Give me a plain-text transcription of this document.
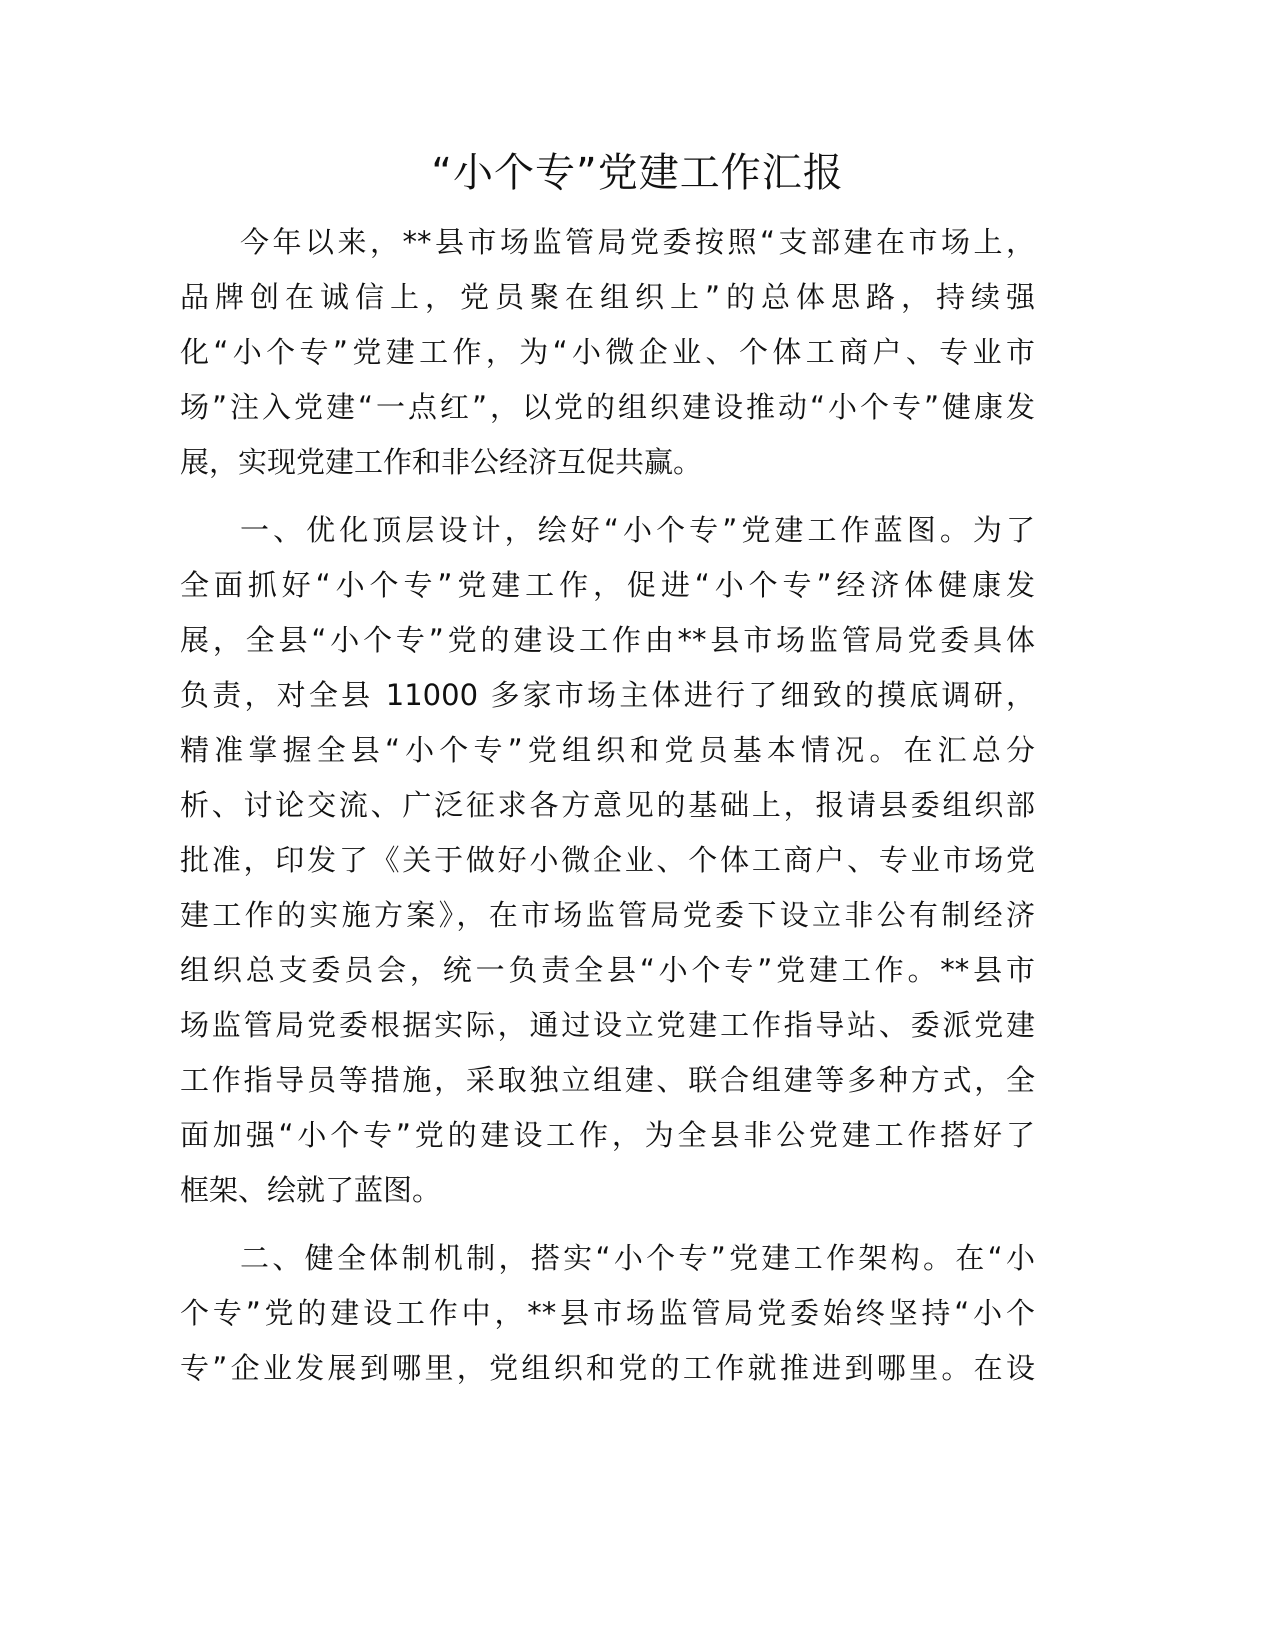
“小个专”党建工作汇报
今年以来，**县市场监管局党委按照“支部建在市场上，
品牌创在诚信上，党员聚在组织上”的总体思路，持续强
化“小个专”党建工作，为“小微企业、个体工商户、专业市
场”注入党建“一点红”，以党的组织建设推动“小个专”健康发
展，实现党建工作和非公经济互促共赢。
一、优化顶层设计，绘好“小个专”党建工作蓝图。为了
全面抓好“小个专”党建工作，促进“小个专”经济体健康发
展，全县“小个专”党的建设工作由**县市场监管局党委具体
负责，对全县 11000 多家市场主体进行了细致的摸底调研，
精准掌握全县“小个专”党组织和党员基本情况。在汇总分
析、讨论交流、广泛征求各方意见的基础上，报请县委组织部
批准，印发了《关于做好小微企业、个体工商户、专业市场党
建工作的实施方案》，在市场监管局党委下设立非公有制经济
组织总支委员会，统一负责全县“小个专”党建工作。**县市
场监管局党委根据实际，通过设立党建工作指导站、委派党建
工作指导员等措施，采取独立组建、联合组建等多种方式，全
面加强“小个专”党的建设工作，为全县非公党建工作搭好了
框架、绘就了蓝图。
二、健全体制机制，搭实“小个专”党建工作架构。在“小
个专”党的建设工作中，**县市场监管局党委始终坚持“小个
专”企业发展到哪里，党组织和党的工作就推进到哪里。在设
